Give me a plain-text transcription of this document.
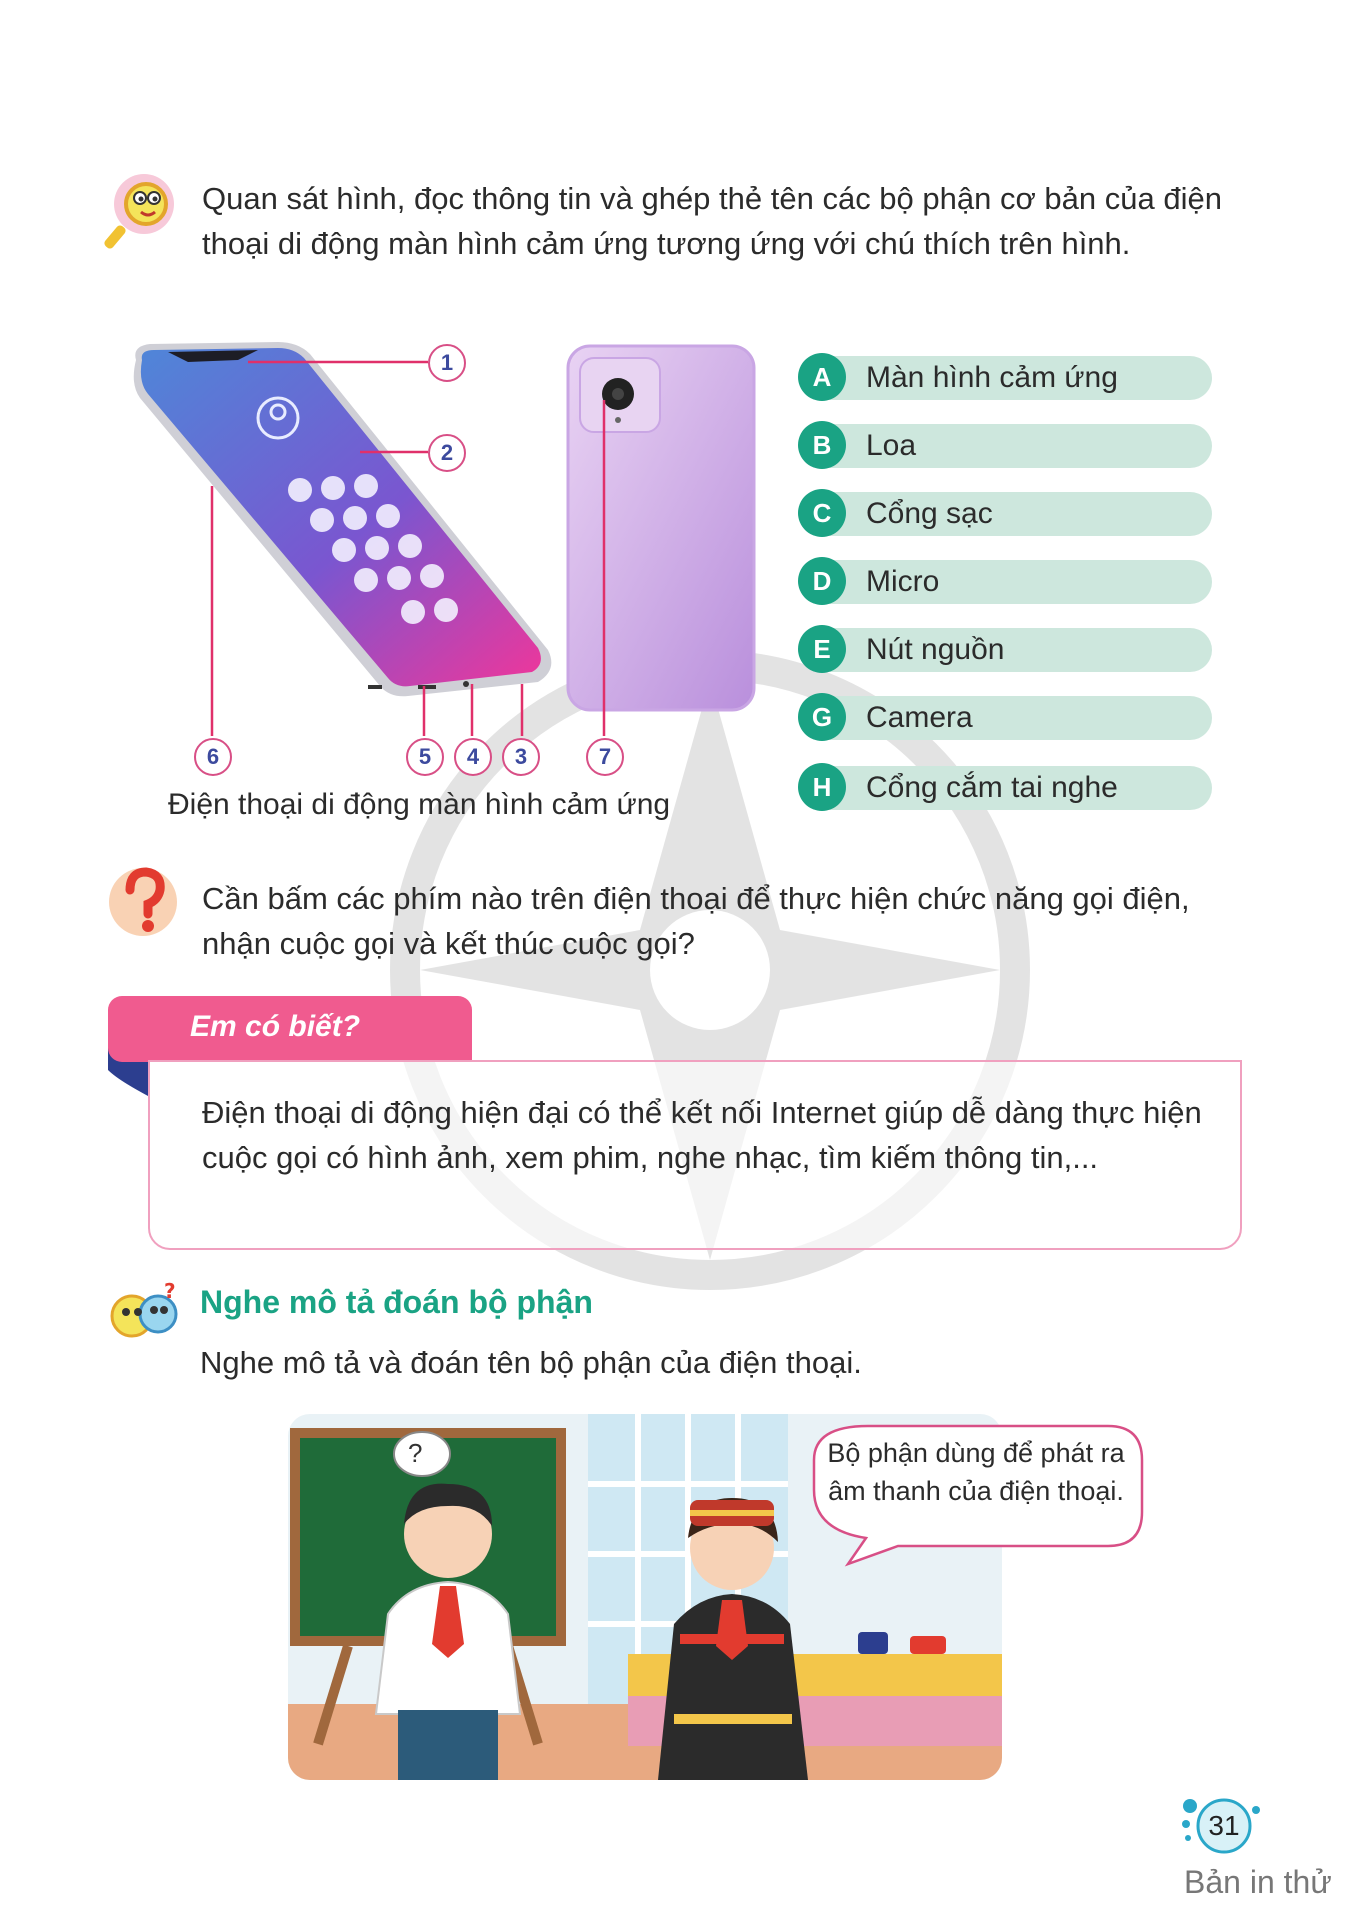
Quan sát hình, đọc thông tin và ghép thẻ tên các bộ phận cơ bản của điện thoại di động màn hình cảm ứng tương ứng với chú thích trên hình.
1
2
3
4
5
6	7
Điện thoại di động màn hình cảm ứng
A	Màn hình cảm ứng
B	Loa
C	Cổng sạc
D	Micro
E	Nút nguồn
G	Camera
H	Cổng cắm tai nghe
Cần bấm các phím nào trên điện thoại để thực hiện chức năng gọi điện, nhận cuộc gọi và kết thúc cuộc gọi?
Em có biết?
Điện thoại di động hiện đại có thể kết nối Internet giúp dễ dàng thực hiện cuộc gọi có hình ảnh, xem phim, nghe nhạc, tìm kiếm thông tin,...
? Nghe mô tả đoán bộ phận
Nghe mô tả và đoán tên bộ phận của điện thoại.
?	Bộ phận dùng để phát ra âm thanh của điện thoại.
31
Bản in thử
